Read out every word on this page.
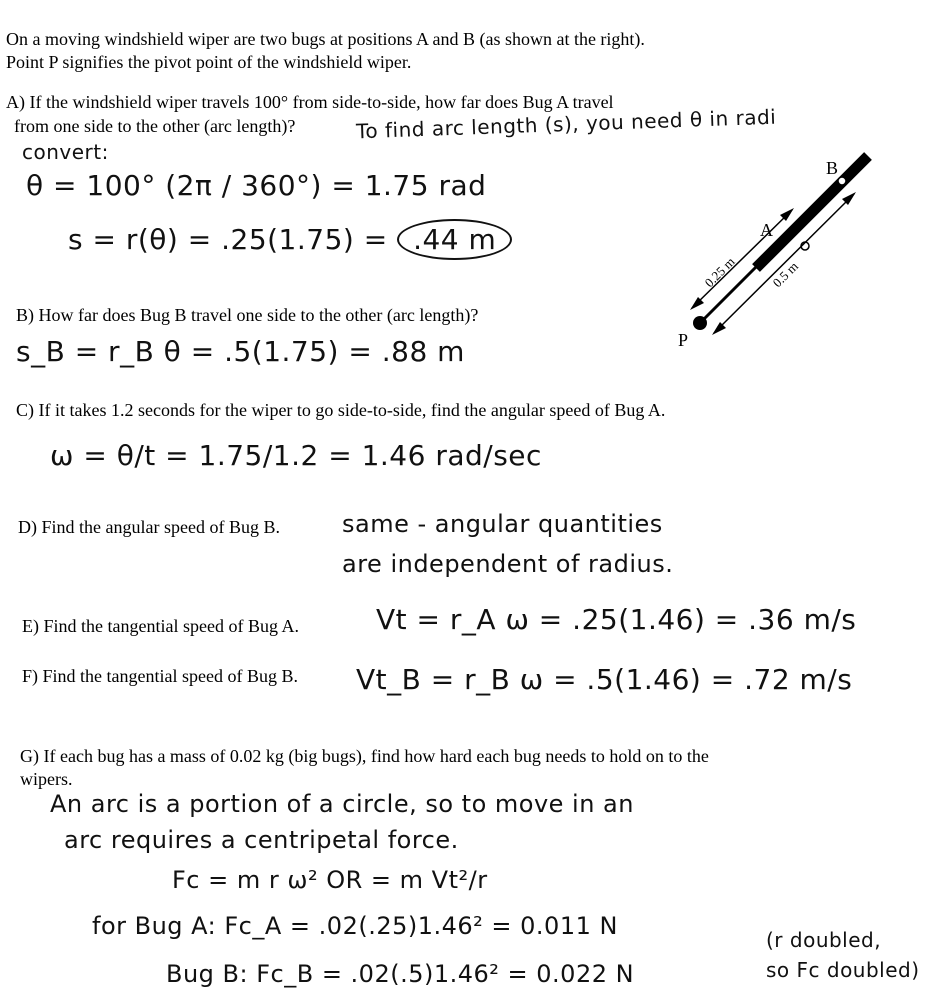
On a moving windshield wiper are two bugs at positions A and B (as shown at the right).
Point P signifies the pivot point of the windshield wiper.
A) If the windshield wiper travels 100° from side-to-side, how far does Bug A travel
from one side to the other (arc length)?
B) How far does Bug B travel one side to the other (arc length)?
C) If it takes 1.2 seconds for the wiper to go side-to-side, find the angular speed of Bug A.
D) Find the angular speed of Bug B.
E) Find the tangential speed of Bug A.
F) Find the tangential speed of Bug B.
G) If each bug has a mass of 0.02 kg (big bugs), find how hard each bug needs to hold on to the
wipers.
B
A
P
0.25 m 0.5 m
To find arc length (s), you need θ in radi
convert:
θ = 100° (2π / 360°) = 1.75 rad
s = r(θ) = .25(1.75) = .44 m
s_B = r_B θ = .5(1.75) = .88 m
ω = θ/t = 1.75/1.2 = 1.46 rad/sec
same - angular quantities
are independent of radius.
Vt = r_A ω = .25(1.46) = .36 m/s
Vt_B = r_B ω = .5(1.46) = .72 m/s
An arc is a portion of a circle, so to move in an
arc requires a centripetal force.
Fc = m r ω² OR = m Vt²/r
for Bug A: Fc_A = .02(.25)1.46² = 0.011 N
Bug B: Fc_B = .02(.5)1.46² = 0.022 N
(r doubled,
so Fc doubled)
